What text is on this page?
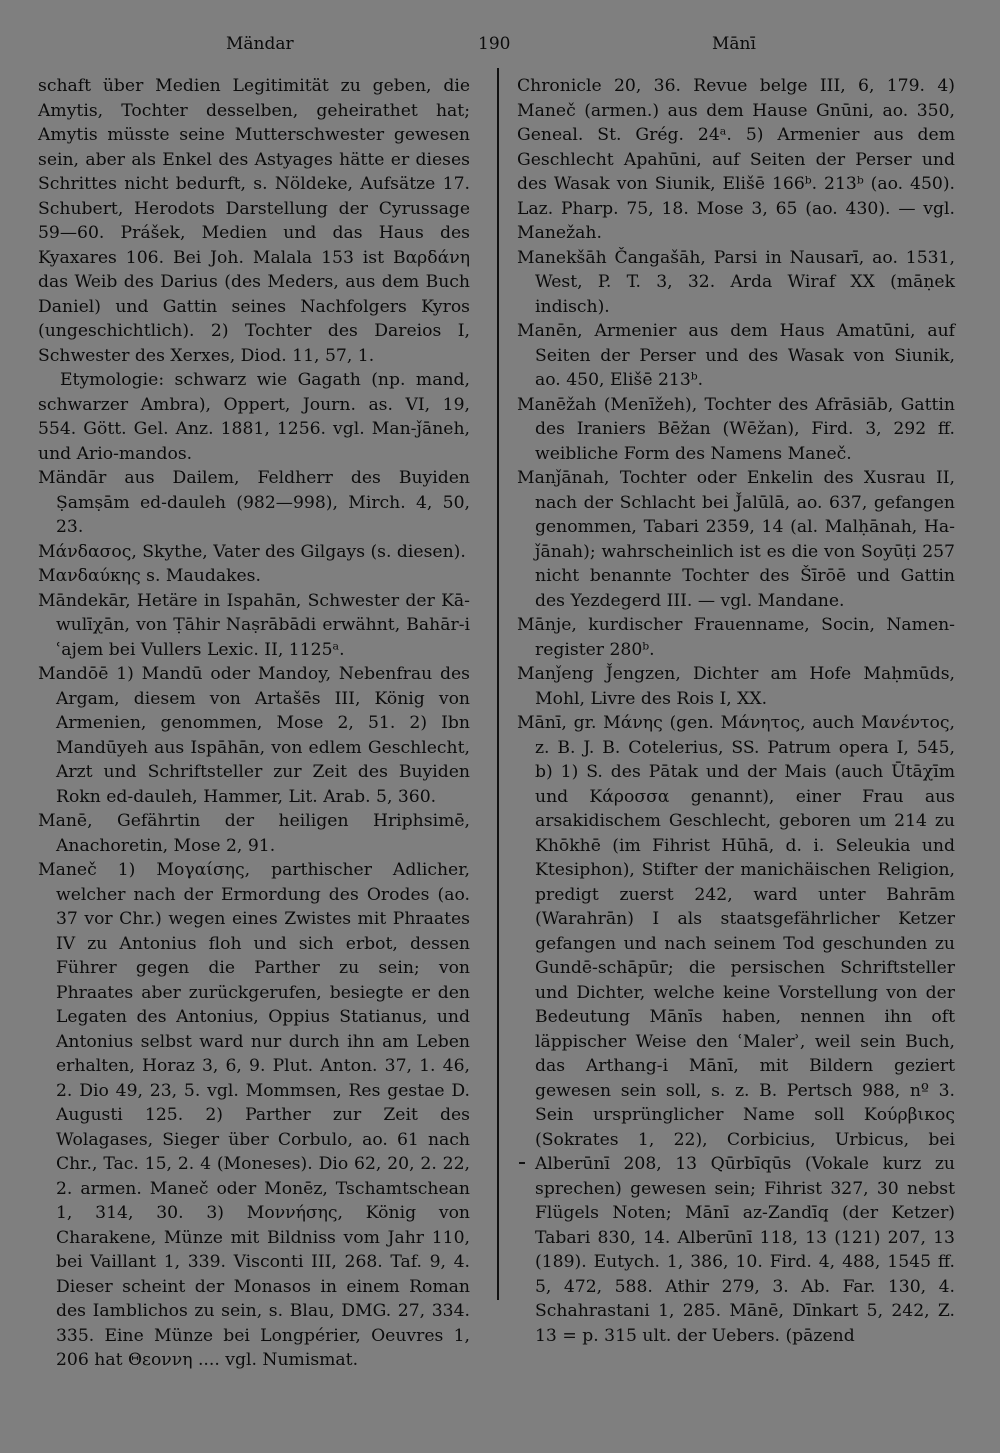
Mändar	190	Mānī

schaft über Medien Legitimität zu geben, die Amytis, Tochter desselben, geheirathet hat; Amytis müsste seine Mutterschwester gewesen sein, aber als Enkel des Astyages hätte er dieses Schrittes nicht bedurft, s. Nöldeke, Aufsätze 17. Schubert, Herodots Darstellung der Cyrussage 59—60. Prášek, Medien und das Haus des Kyaxares 106. Bei Joh. Malala 153 ist Βαρδάνη das Weib des Darius (des Meders, aus dem Buch Daniel) und Gattin seines Nachfolgers Kyros (ungeschichtlich). 2) Tochter des Dareios I, Schwester des Xerxes, Diod. 11, 57, 1.

Etymologie: schwarz wie Gagath (np. mand, schwarzer Ambra), Oppert, Journ. as. VI, 19, 554. Gött. Gel. Anz. 1881, 1256. vgl. Man-ǰāneh, und Ario-mandos.

Mändār aus Dailem, Feldherr des Buyiden Ṣamṣām ed-dauleh (982—998), Mirch. 4, 50, 23.

Μάνδασος, Skythe, Vater des Gilgays (s. diesen).

Μανδαύκης s. Maudakes.

Māndekār, Hetäre in Ispahān, Schwester der Kā-wulīχān, von Ṭāhir Naṣrābādi erwähnt, Bahār-i ʿajem bei Vullers Lexic. II, 1125ᵃ.

Mandōē 1) Mandū oder Mandoy, Nebenfrau des Argam, diesem von Artašēs III, König von Armenien, genommen, Mose 2, 51. 2) Ibn Mandūyeh aus Ispāhān, von edlem Geschlecht, Arzt und Schriftsteller zur Zeit des Buyiden Rokn ed-dauleh, Hammer, Lit. Arab. 5, 360.

Manē, Gefährtin der heiligen Hriphsimē, Anachoretin, Mose 2, 91.

Maneč 1) Μογαίσης, parthischer Adlicher, welcher nach der Ermordung des Orodes (ao. 37 vor Chr.) wegen eines Zwistes mit Phraates IV zu Antonius floh und sich erbot, dessen Führer gegen die Parther zu sein; von Phraates aber zurückgerufen, besiegte er den Legaten des Antonius, Oppius Statianus, und Antonius selbst ward nur durch ihn am Leben erhalten, Horaz 3, 6, 9. Plut. Anton. 37, 1. 46, 2. Dio 49, 23, 5. vgl. Mommsen, Res gestae D. Augusti 125. 2) Parther zur Zeit des Wolagases, Sieger über Corbulo, ao. 61 nach Chr., Tac. 15, 2. 4 (Moneses). Dio 62, 20, 2. 22, 2. armen. Maneč oder Monēz, Tschamtschean 1, 314, 30. 3) Μοννήσης, König von Charakene, Münze mit Bildniss vom Jahr 110, bei Vaillant 1, 339. Visconti III, 268. Taf. 9, 4. Dieser scheint der Monasos in einem Roman des Iamblichos zu sein, s. Blau, DMG. 27, 334. 335. Eine Münze bei Longpérier, Oeuvres 1, 206 hat Θεοννη .... vgl. Numismat.

Chronicle 20, 36. Revue belge III, 6, 179. 4) Maneč (armen.) aus dem Hause Gnūni, ao. 350, Geneal. St. Grég. 24ᵃ. 5) Armenier aus dem Geschlecht Apahūni, auf Seiten der Perser und des Wasak von Siunik, Elišē 166ᵇ. 213ᵇ (ao. 450). Laz. Pharp. 75, 18. Mose 3, 65 (ao. 430). — vgl. Manežah.

Manekšāh Čangašāh, Parsi in Nausarī, ao. 1531, West, P. T. 3, 32. Arda Wiraf XX (māṇek indisch).

Manēn, Armenier aus dem Haus Amatūni, auf Seiten der Perser und des Wasak von Siunik, ao. 450, Elišē 213ᵇ.

Manēžah (Menīžeh), Tochter des Afrāsiāb, Gattin des Iraniers Bēžan (Wēžan), Fird. 3, 292 ff. weibliche Form des Namens Maneč.

Manǰānah, Tochter oder Enkelin des Xusrau II, nach der Schlacht bei J̌alūlā, ao. 637, gefangen genommen, Tabari 2359, 14 (al. Malḥānah, Ha-ǰānah); wahrscheinlich ist es die von Soyūṭi 257 nicht benannte Tochter des Šīrōē und Gattin des Yezdegerd III. — vgl. Mandane.

Mānje, kurdischer Frauenname, Socin, Namen-register 280ᵇ.

Manǰeng J̌engzen, Dichter am Hofe Maḥmūds, Mohl, Livre des Rois I, XX.

Mānī, gr. Μάνης (gen. Μάνητος, auch Μανέντος, z. B. J. B. Cotelerius, SS. Patrum opera I, 545, b) 1) S. des Pātak und der Mais (auch Ūtāχīm und Κάροσσα genannt), einer Frau aus arsakidischem Geschlecht, geboren um 214 zu Khōkhē (im Fihrist Hūhā, d. i. Seleukia und Ktesiphon), Stifter der manichäischen Religion, predigt zuerst 242, ward unter Bahrām (Warahrān) I als staatsgefährlicher Ketzer gefangen und nach seinem Tod geschunden zu Gundē-schāpūr; die persischen Schriftsteller und Dichter, welche keine Vorstellung von der Bedeutung Mānīs haben, nennen ihn oft läppischer Weise den ʿMalerʾ, weil sein Buch, das Arthang-i Mānī, mit Bildern geziert gewesen sein soll, s. z. B. Pertsch 988, nº 3. Sein ursprünglicher Name soll Κούρβικος (Sokrates 1, 22), Corbicius, Urbicus, bei Alberūnī 208, 13 Qūrbīqūs (Vokale kurz zu sprechen) gewesen sein; Fihrist 327, 30 nebst Flügels Noten; Mānī az-Zandīq (der Ketzer) Tabari 830, 14. Alberūnī 118, 13 (121) 207, 13 (189). Eutych. 1, 386, 10. Fird. 4, 488, 1545 ff. 5, 472, 588. Athir 279, 3. Ab. Far. 130, 4. Schahrastani 1, 285. Mānē, Dīnkart 5, 242, Z. 13 = p. 315 ult. der Uebers. (pāzend
